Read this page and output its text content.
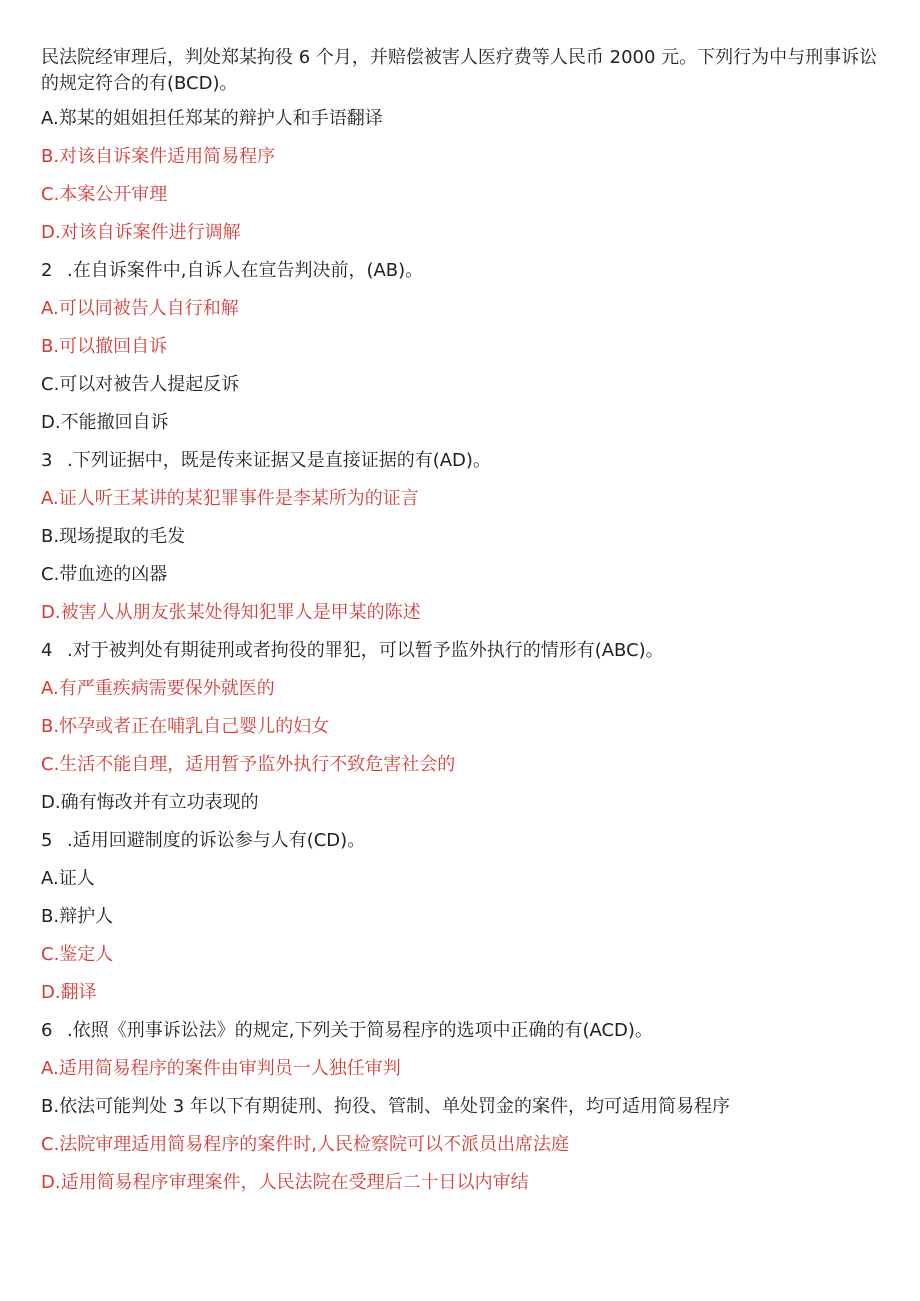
民法院经审理后，判处郑某拘役 6 个月，并赔偿被害人医疗费等人民币 2000 元。下列行为中与刑事诉讼的规定符合的有(BCD)。
A.郑某的姐姐担任郑某的辩护人和手语翻译
B.对该自诉案件适用简易程序
C.本案公开审理
D.对该自诉案件进行调解
2 .在自诉案件中,自诉人在宣告判决前，(AB)。
A.可以同被告人自行和解
B.可以撤回自诉
C.可以对被告人提起反诉
D.不能撤回自诉
3 .下列证据中，既是传来证据又是直接证据的有(AD)。
A.证人听王某讲的某犯罪事件是李某所为的证言
B.现场提取的毛发
C.带血迹的凶器
D.被害人从朋友张某处得知犯罪人是甲某的陈述
4 .对于被判处有期徒刑或者拘役的罪犯，可以暂予监外执行的情形有(ABC)。
A.有严重疾病需要保外就医的
B.怀孕或者正在哺乳自己婴儿的妇女
C.生活不能自理，适用暂予监外执行不致危害社会的
D.确有悔改并有立功表现的
5 .适用回避制度的诉讼参与人有(CD)。
A.证人
B.辩护人
C.鉴定人
D.翻译
6 .依照《刑事诉讼法》的规定,下列关于简易程序的选项中正确的有(ACD)。
A.适用简易程序的案件由审判员一人独任审判
B.依法可能判处 3 年以下有期徒刑、拘役、管制、单处罚金的案件，均可适用简易程序
C.法院审理适用简易程序的案件时,人民检察院可以不派员出席法庭
D.适用简易程序审理案件，人民法院在受理后二十日以内审结
